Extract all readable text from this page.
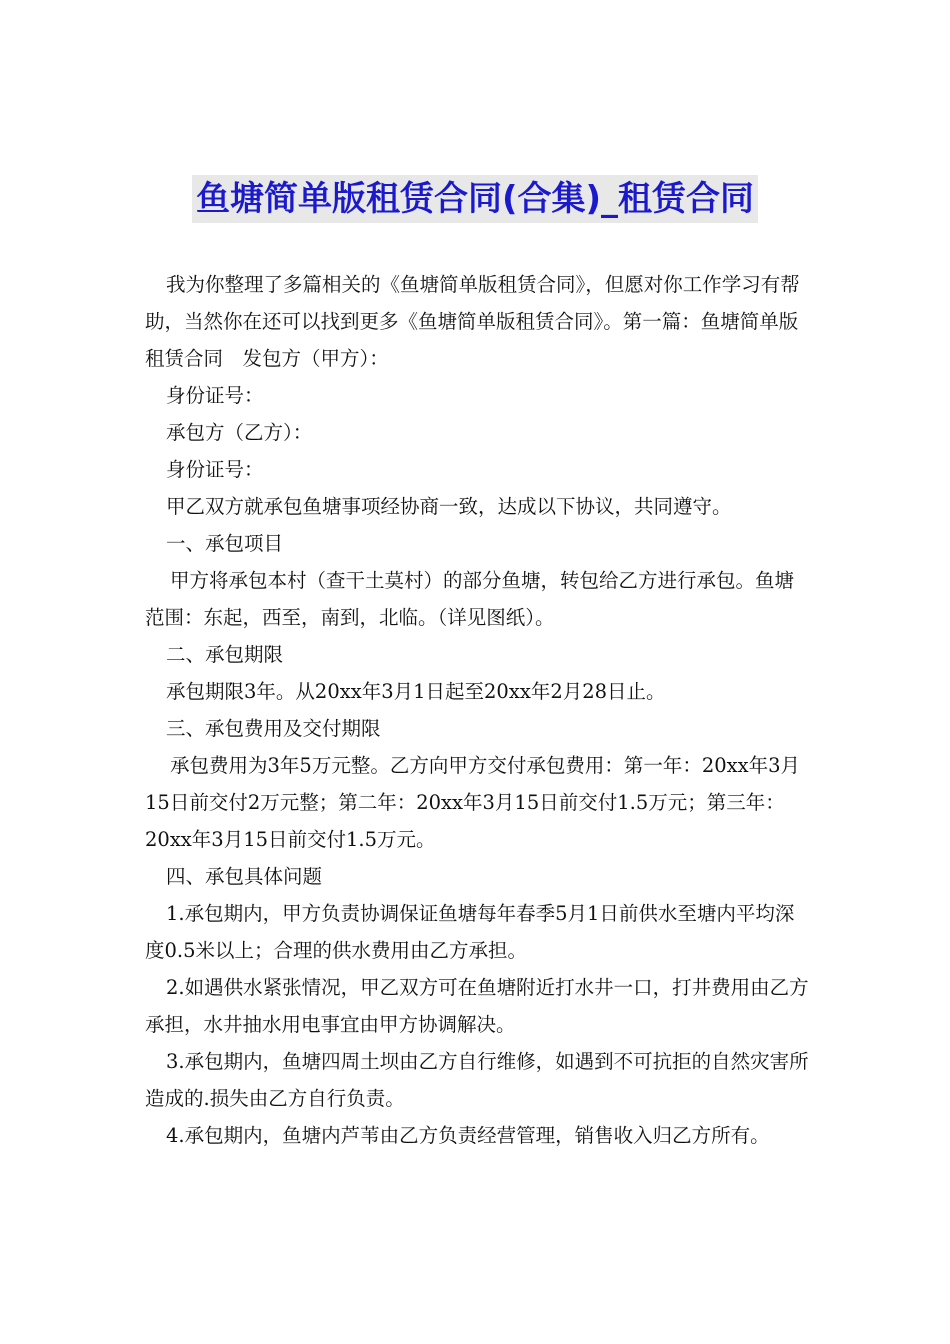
鱼塘简单版租赁合同(合集)_租赁合同

我为你整理了多篇相关的《鱼塘简单版租赁合同》，但愿对你工作学习有帮助，当然你在还可以找到更多《鱼塘简单版租赁合同》。第一篇：鱼塘简单版租赁合同　发包方（甲方）：

身份证号：

承包方（乙方）：

身份证号：

甲乙双方就承包鱼塘事项经协商一致，达成以下协议，共同遵守。

一、承包项目

甲方将承包本村（查干土莫村）的部分鱼塘，转包给乙方进行承包。鱼塘范围：东起，西至，南到，北临。（详见图纸）。

二、承包期限

承包期限3年。从20xx年3月1日起至20xx年2月28日止。

三、承包费用及交付期限

承包费用为3年5万元整。乙方向甲方交付承包费用：第一年：20xx年3月15日前交付2万元整；第二年：20xx年3月15日前交付1.5万元；第三年：20xx年3月15日前交付1.5万元。

四、承包具体问题

1.承包期内，甲方负责协调保证鱼塘每年春季5月1日前供水至塘内平均深度0.5米以上；合理的供水费用由乙方承担。

2.如遇供水紧张情况，甲乙双方可在鱼塘附近打水井一口，打井费用由乙方承担，水井抽水用电事宜由甲方协调解决。

3.承包期内，鱼塘四周土坝由乙方自行维修，如遇到不可抗拒的自然灾害所造成的.损失由乙方自行负责。

4.承包期内，鱼塘内芦苇由乙方负责经营管理，销售收入归乙方所有。
